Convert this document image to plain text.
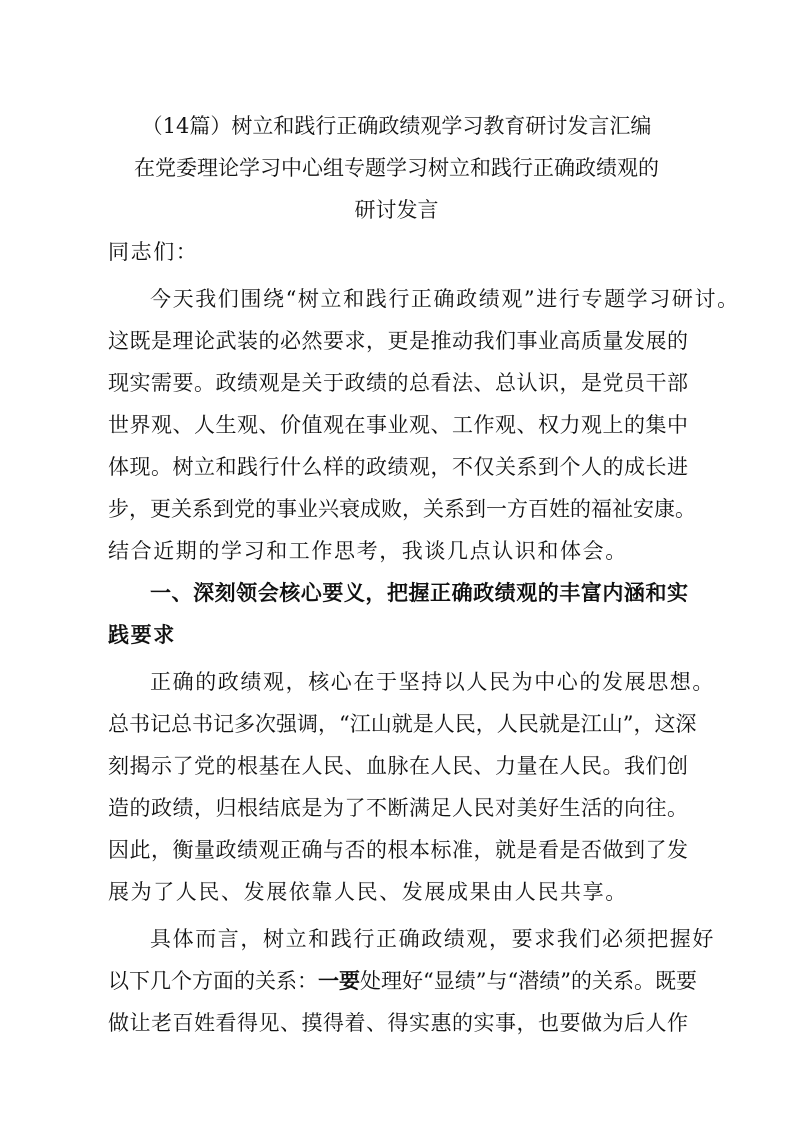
（14篇）树立和践行正确政绩观学习教育研讨发言汇编
在党委理论学习中心组专题学习树立和践行正确政绩观的
研讨发言
同志们：
今天我们围绕“树立和践行正确政绩观”进行专题学习研讨。
这既是理论武装的必然要求，更是推动我们事业高质量发展的
现实需要。政绩观是关于政绩的总看法、总认识，是党员干部
世界观、人生观、价值观在事业观、工作观、权力观上的集中
体现。树立和践行什么样的政绩观，不仅关系到个人的成长进
步，更关系到党的事业兴衰成败，关系到一方百姓的福祉安康。
结合近期的学习和工作思考，我谈几点认识和体会。
一、深刻领会核心要义，把握正确政绩观的丰富内涵和实
践要求
正确的政绩观，核心在于坚持以人民为中心的发展思想。
总书记总书记多次强调，“江山就是人民，人民就是江山”，这深
刻揭示了党的根基在人民、血脉在人民、力量在人民。我们创
造的政绩，归根结底是为了不断满足人民对美好生活的向往。
因此，衡量政绩观正确与否的根本标准，就是看是否做到了发
展为了人民、发展依靠人民、发展成果由人民共享。
具体而言，树立和践行正确政绩观，要求我们必须把握好
以下几个方面的关系：一要处理好“显绩”与“潜绩”的关系。既要
做让老百姓看得见、摸得着、得实惠的实事，也要做为后人作
